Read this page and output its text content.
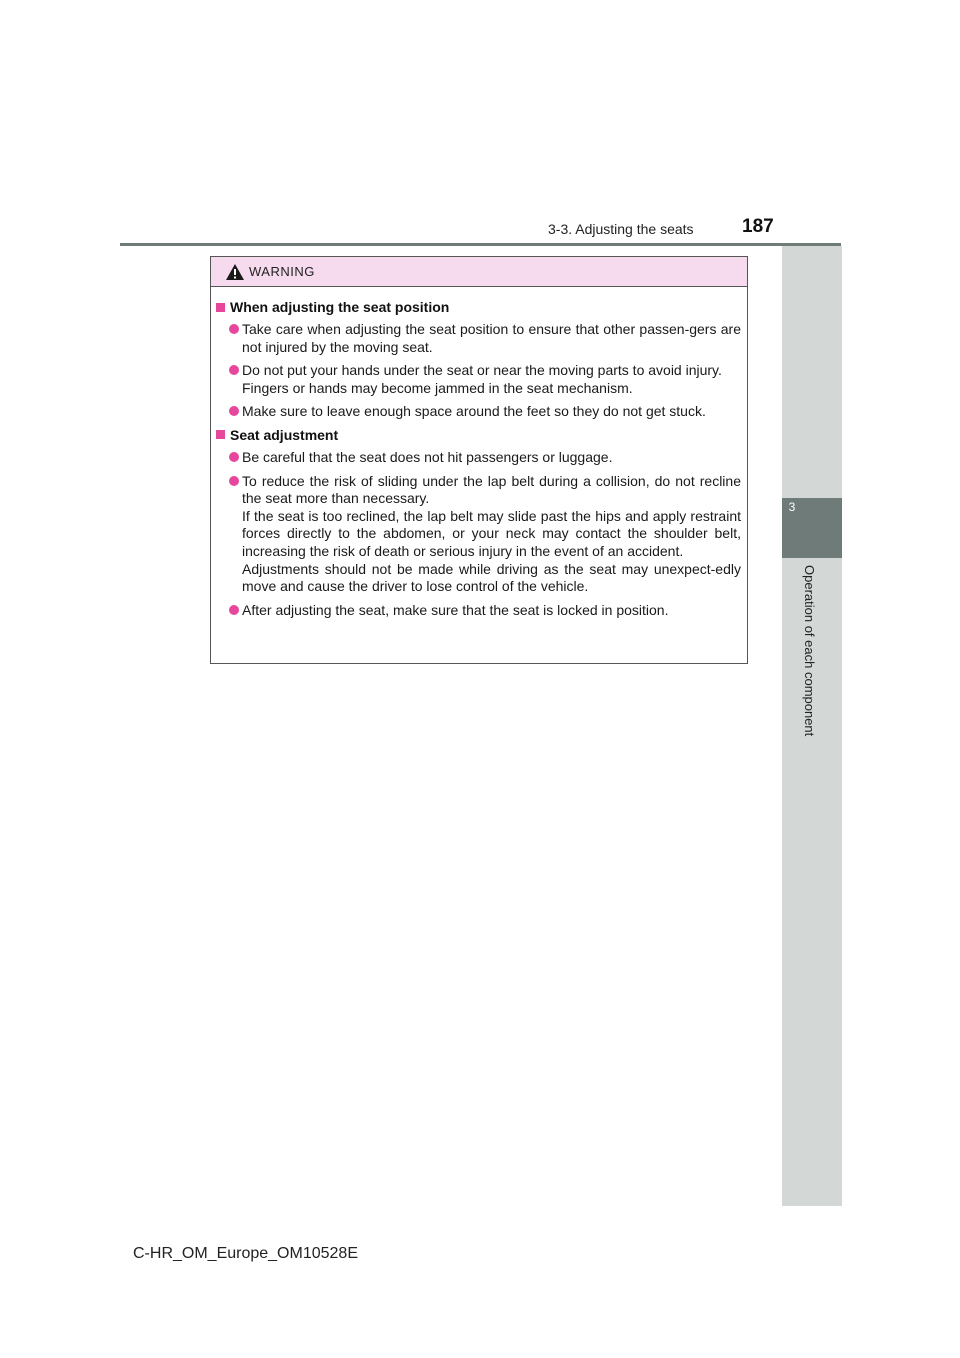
3-3. Adjusting the seats	187
3
Operation of each component
WARNING
When adjusting the seat position

Take care when adjusting the seat position to ensure that other passen-gers are not injured by the moving seat.

Do not put your hands under the seat or near the moving parts to avoid injury.

Fingers or hands may become jammed in the seat mechanism.

Make sure to leave enough space around the feet so they do not get stuck.

Seat adjustment

Be careful that the seat does not hit passengers or luggage.

To reduce the risk of sliding under the lap belt during a collision, do not recline the seat more than necessary.

If the seat is too reclined, the lap belt may slide past the hips and apply restraint forces directly to the abdomen, or your neck may contact the shoulder belt, increasing the risk of death or serious injury in the event of an accident.

Adjustments should not be made while driving as the seat may unexpect-edly move and cause the driver to lose control of the vehicle.

After adjusting the seat, make sure that the seat is locked in position.

C-HR_OM_Europe_OM10528E
